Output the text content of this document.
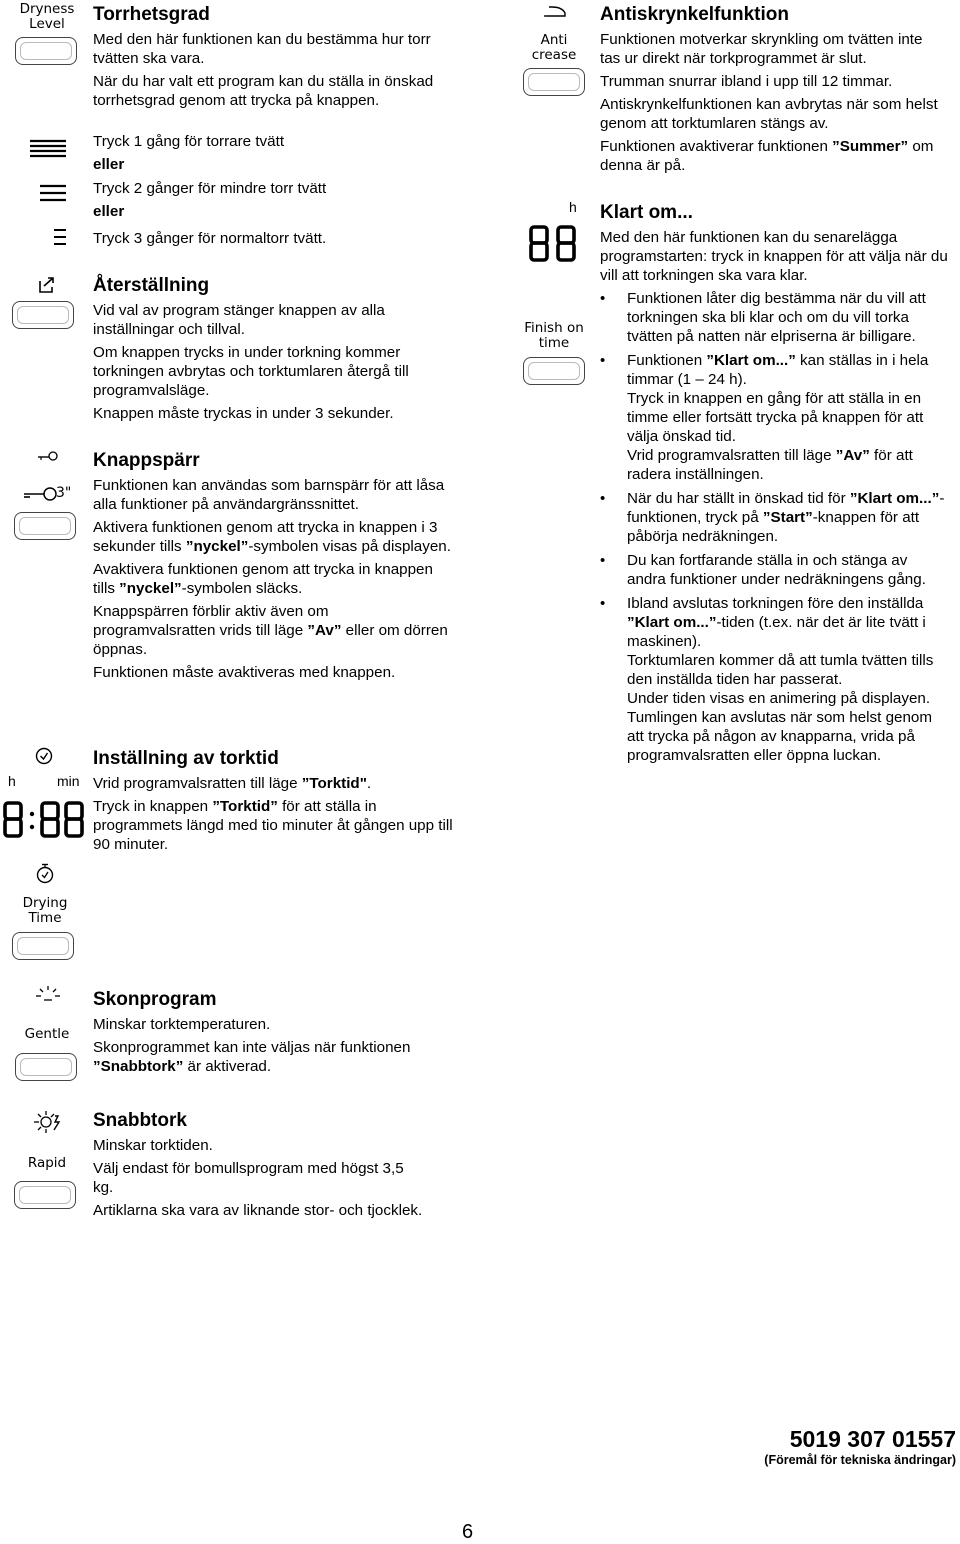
Dryness Level
3"
h	min
Drying Time
Gentle
Rapid
Torrhetsgrad

Med den här funktionen kan du bestämma hur torr tvätten ska vara.

När du har valt ett program kan du ställa in önskad torrhetsgrad genom att trycka på knappen.

Tryck 1 gång för torrare tvätt

eller

Tryck 2 gånger för mindre torr tvätt

eller

Tryck 3 gånger för normaltorr tvätt.

Återställning

Vid val av program stänger knappen av alla inställningar och tillval.

Om knappen trycks in under torkning kommer torkningen avbrytas och torktumlaren återgå till programvalsläge.

Knappen måste tryckas in under 3 sekunder.

Knappspärr

Funktionen kan användas som barnspärr för att låsa alla funktioner på användargränssnittet.

Aktivera funktionen genom att trycka in knappen i 3 sekunder tills ”nyckel”-symbolen visas på displayen.

Avaktivera funktionen genom att trycka in knappen tills ”nyckel”-symbolen släcks.

Knappspärren förblir aktiv även om programvalsratten vrids till läge ”Av” eller om dörren öppnas.

Funktionen måste avaktiveras med knappen.

Inställning av torktid

Vrid programvalsratten till läge ”Torktid".

Tryck in knappen ”Torktid” för att ställa in programmets längd med tio minuter åt gången upp till 90 minuter.

Skonprogram

Minskar torktemperaturen.

Skonprogrammet kan inte väljas när funktionen ”Snabbtork” är aktiverad.

Snabbtork

Minskar torktiden.

Välj endast för bomullsprogram med högst 3,5 kg.

Artiklarna ska vara av liknande stor- och tjocklek.

Anti crease
h
Finish on time
Antiskrynkelfunktion

Funktionen motverkar skrynkling om tvätten inte tas ur direkt när torkprogrammet är slut.

Trumman snurrar ibland i upp till 12 timmar.

Antiskrynkelfunktionen kan avbrytas när som helst genom att torktumlaren stängs av.

Funktionen avaktiverar funktionen ”Summer” om denna är på.

Klart om...

Med den här funktionen kan du senarelägga programstarten: tryck in knappen för att välja när du vill att torkningen ska vara klar.

• Funktionen låter dig bestämma när du vill att torkningen ska bli klar och om du vill torka tvätten på natten när elpriserna är billigare.
• Funktionen ”Klart om...” kan ställas in i hela timmar (1 – 24 h).
Tryck in knappen en gång för att ställa in en timme eller fortsätt trycka på knappen för att välja önskad tid.
Vrid programvalsratten till läge ”Av” för att radera inställningen.
• När du har ställt in önskad tid för ”Klart om...”-funktionen, tryck på ”Start”-knappen för att påbörja nedräkningen.
• Du kan fortfarande ställa in och stänga av andra funktioner under nedräkningens gång.
• Ibland avslutas torkningen före den inställda ”Klart om...”-tiden (t.ex. när det är lite tvätt i maskinen).
Torktumlaren kommer då att tumla tvätten tills den inställda tiden har passerat.
Under tiden visas en animering på displayen.
Tumlingen kan avslutas när som helst genom att trycka på någon av knapparna, vrida på programvalsratten eller öppna luckan.
5019 307 01557
(Föremål för tekniska ändringar)
6
